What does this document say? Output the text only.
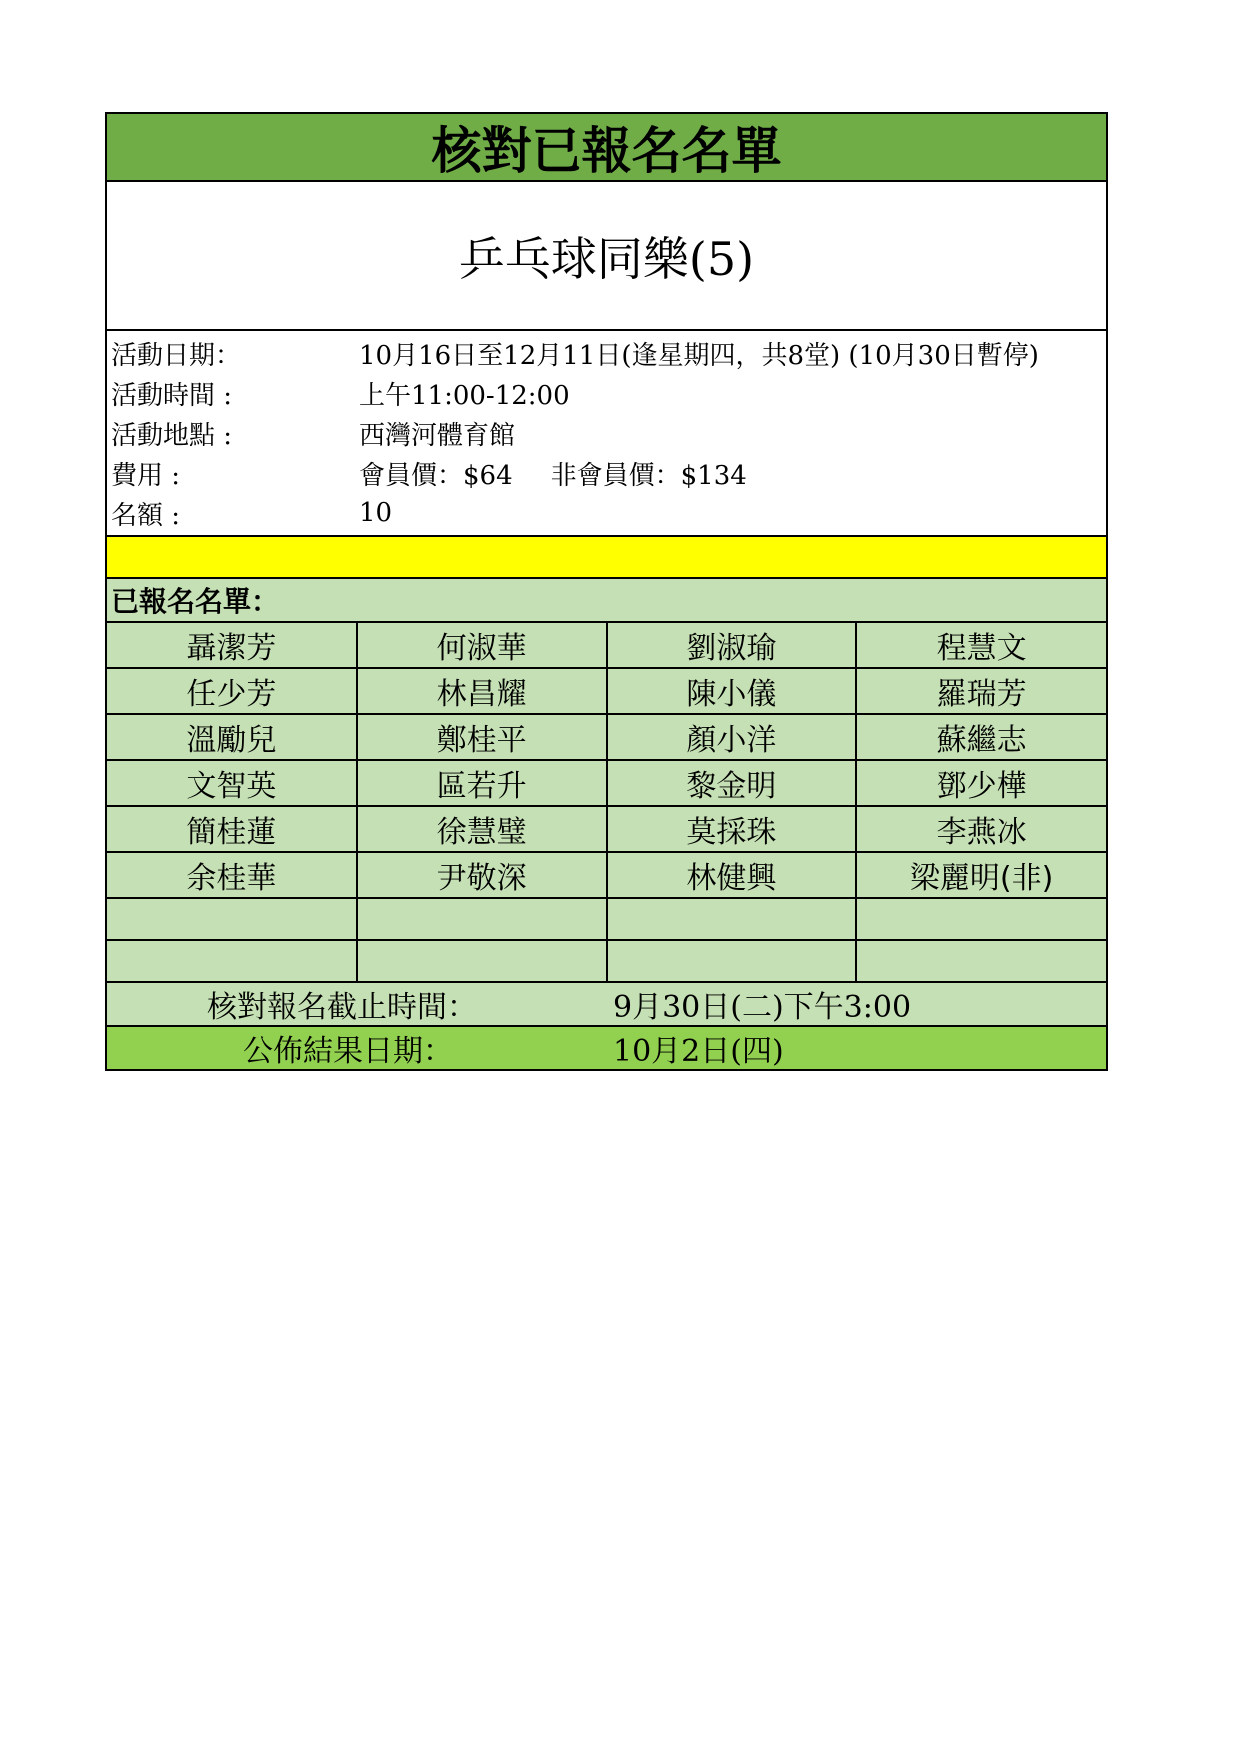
核對已報名名單
乒乓球同樂(5)
活動日期：	10月16日至12月11日(逢星期四，共8堂) (10月30日暫停)
活動時間 :	上午11:00-12:00
活動地點 :	西灣河體育館
費用 :	會員價：$64 非會員價：$134
名額 :	10
已報名名單：
聶潔芳	何淑華	劉淑瑜	程慧文
任少芳	林昌耀	陳小儀	羅瑞芳
溫勵兒	鄭桂平	顏小洋	蘇繼志
文智英	區若升	黎金明	鄧少樺
簡桂蓮	徐慧璧	莫採珠	李燕冰
余桂華	尹敬深	林健興	梁麗明(非)

核對報名截止時間：	9月30日(二)下午3:00
公佈結果日期：	10月2日(四)
